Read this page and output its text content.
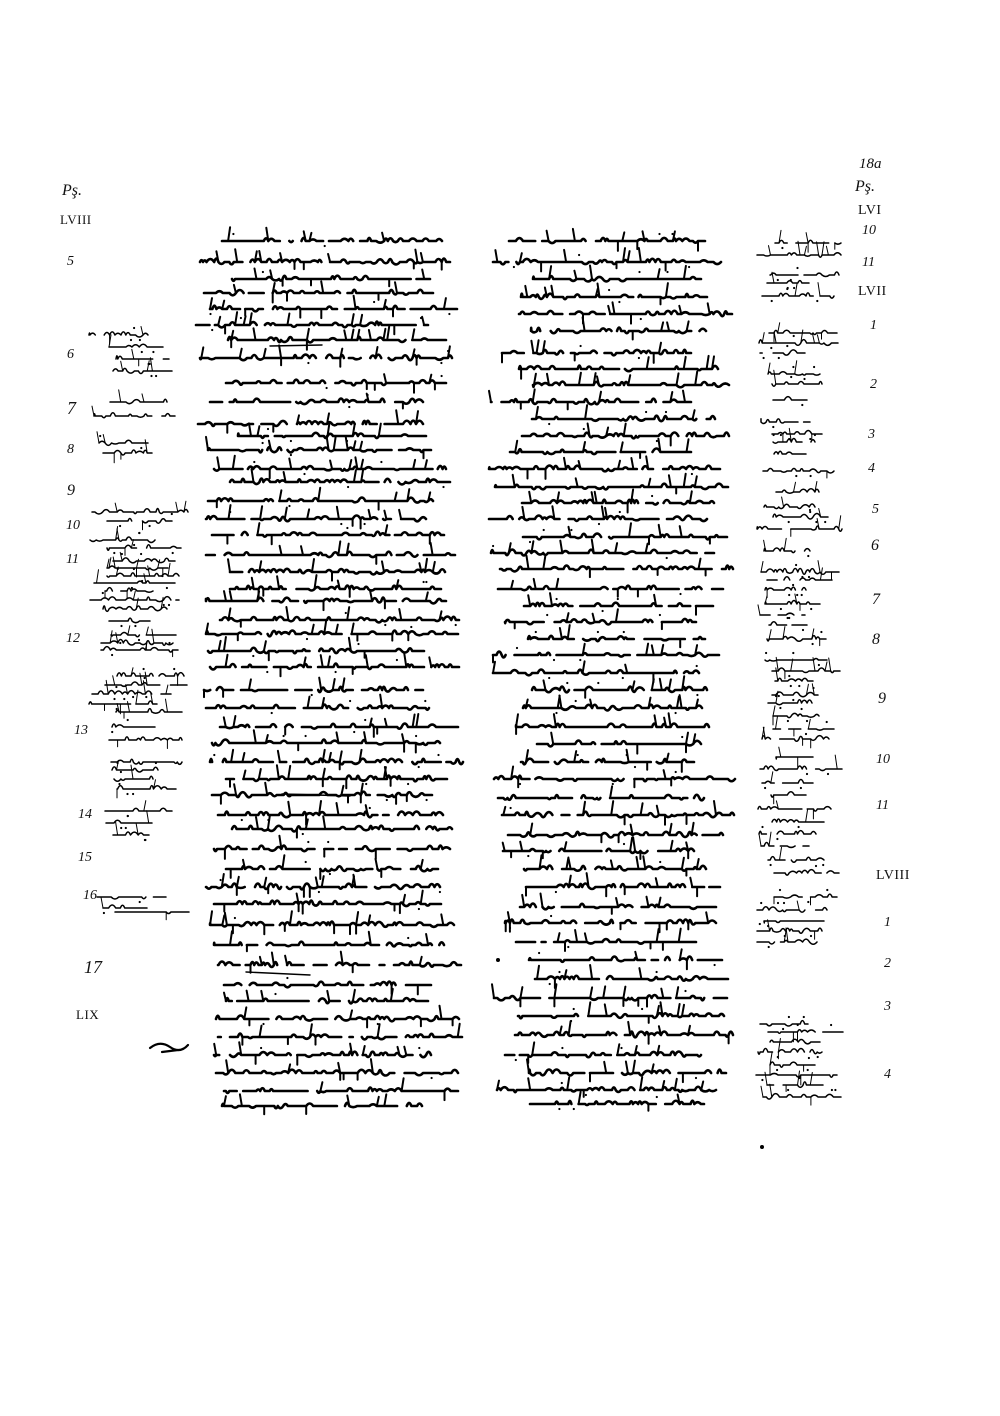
18a
Pş.
LVIII
LIX
5
6
7
8
9
10
11
12
13
14
15
16
17
Pş.
LVI
LVII
LVIII
10
11
1
2
3
4
5
6
7
8
9
10
11
1
2
3
4
